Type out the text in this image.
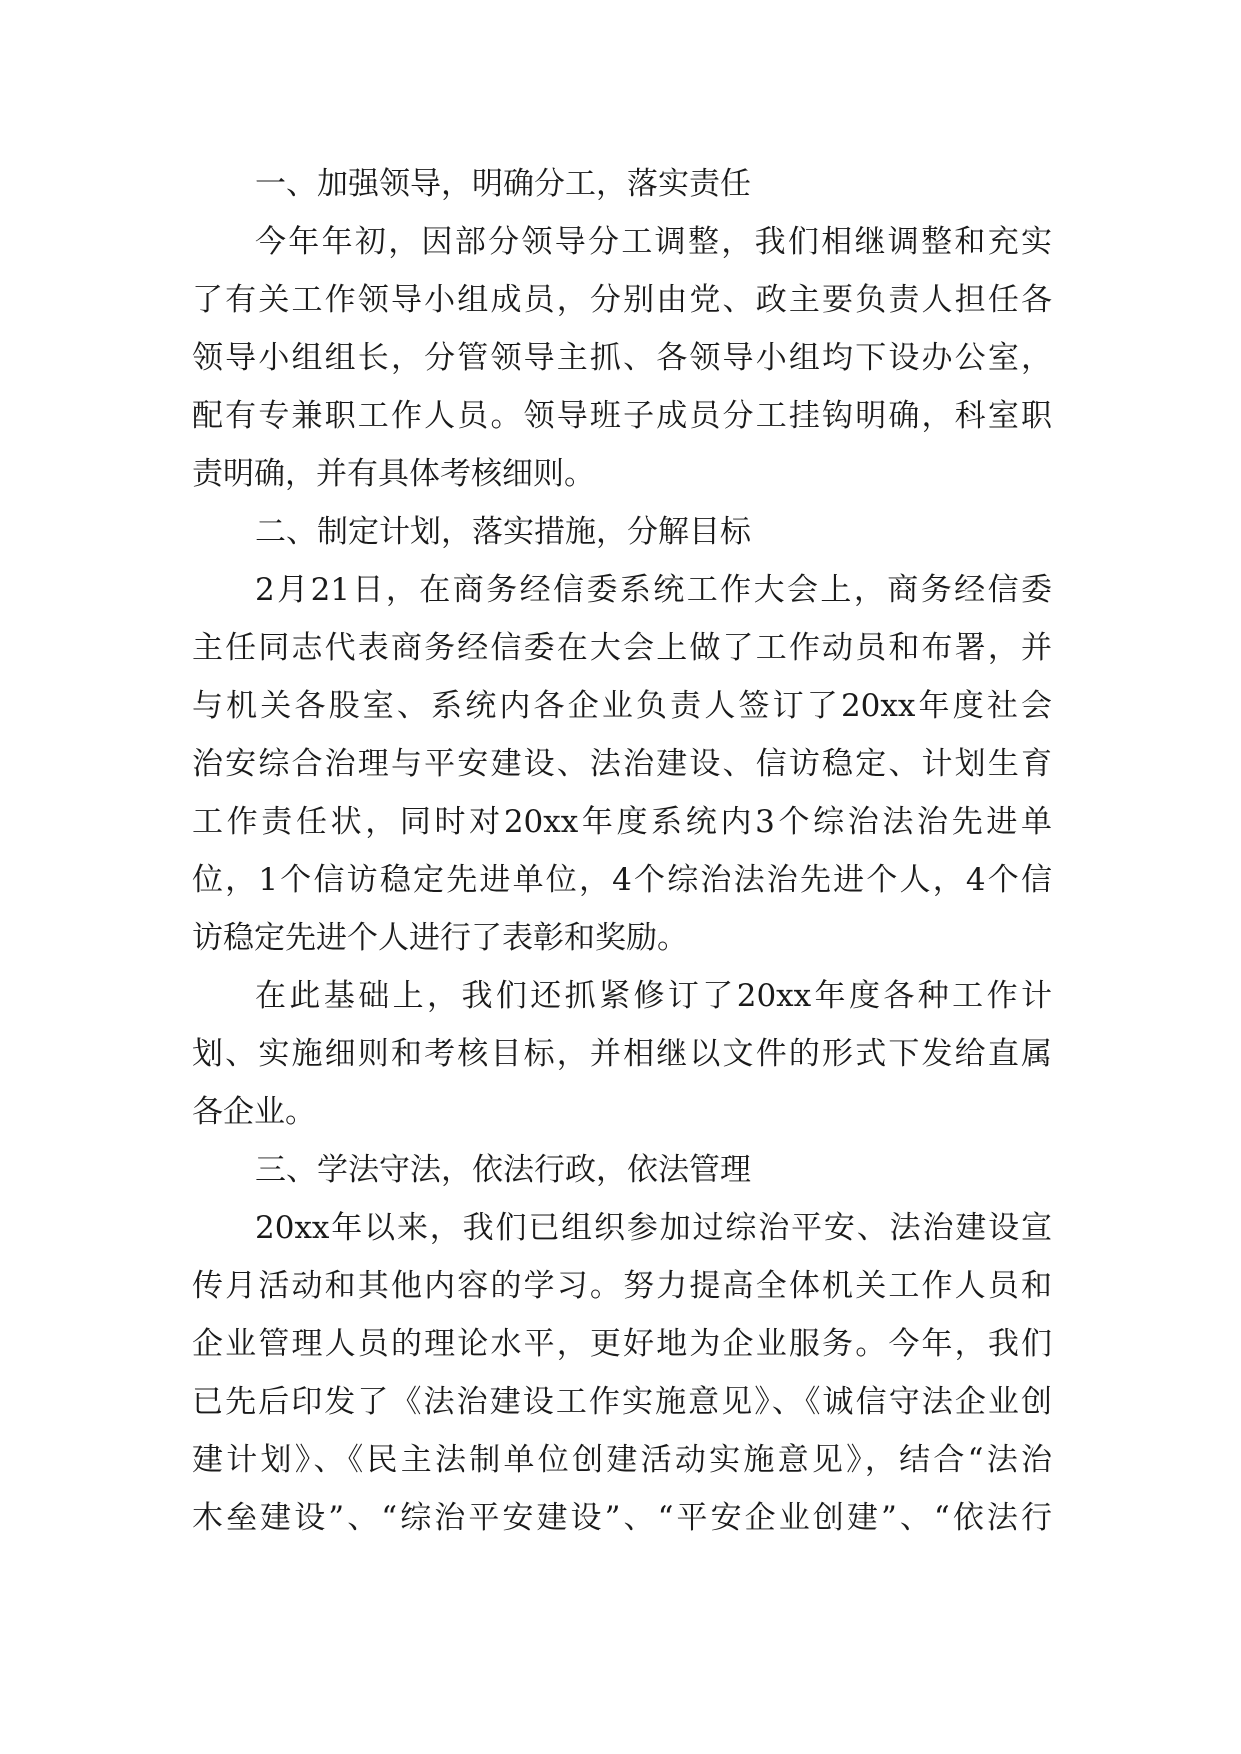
一、加强领导，明确分工，落实责任
今年年初，因部分领导分工调整，我们相继调整和充实
了有关工作领导小组成员，分别由党、政主要负责人担任各
领导小组组长，分管领导主抓、各领导小组均下设办公室，
配有专兼职工作人员。领导班子成员分工挂钩明确，科室职
责明确，并有具体考核细则。
二、制定计划，落实措施，分解目标
2月21日，在商务经信委系统工作大会上，商务经信委
主任同志代表商务经信委在大会上做了工作动员和布署，并
与机关各股室、系统内各企业负责人签订了20xx年度社会
治安综合治理与平安建设、法治建设、信访稳定、计划生育
工作责任状，同时对20xx年度系统内3个综治法治先进单
位，1个信访稳定先进单位，4个综治法治先进个人，4个信
访稳定先进个人进行了表彰和奖励。
在此基础上，我们还抓紧修订了20xx年度各种工作计
划、实施细则和考核目标，并相继以文件的形式下发给直属
各企业。
三、学法守法，依法行政，依法管理
20xx年以来，我们已组织参加过综治平安、法治建设宣
传月活动和其他内容的学习。努力提高全体机关工作人员和
企业管理人员的理论水平，更好地为企业服务。今年，我们
已先后印发了《法治建设工作实施意见》、《诚信守法企业创
建计划》、《民主法制单位创建活动实施意见》，结合“法治
木垒建设”、“综治平安建设”、“平安企业创建”、“依法行
